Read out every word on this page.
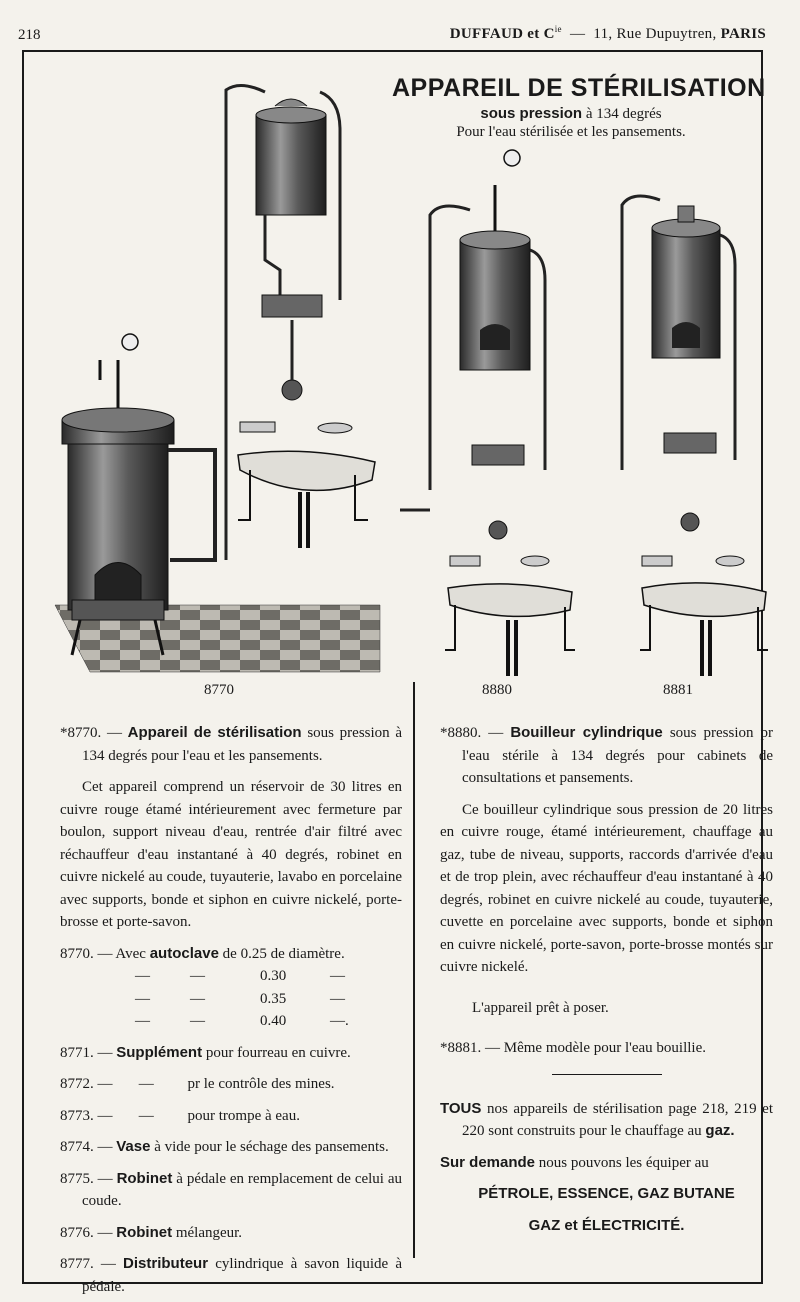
218	DUFFAUD et $C^{ie}$  —  11, Rue Dupuytren, PARIS
APPAREIL DE STÉRILISATION
sous pression à 134 degrés
Pour l'eau stérilisée et les pansements.
8770	8880	8881

*8770. — Appareil de stérilisation sous pression à 134 degrés pour l'eau et les pansements.

Cet appareil comprend un réservoir de 30 litres en cuivre rouge étamé intérieurement avec fermeture par boulon, support niveau d'eau, rentrée d'air filtré avec réchauffeur d'eau instantané à 40 degrés, robinet en cuivre nickelé au coude, tuyauterie, lavabo en porcelaine avec supports, bonde et siphon en cuivre nickelé, porte-brosse et porte-savon.

8770. — Avec autoclave de 0.25 de diamètre.

—	—	0.30	—
—	—	0.35	—
—	—	0.40	—.

8771. — Supplément pour fourreau en cuivre.

8772. — — pr le contrôle des mines.

8773. — — pour trompe à eau.

8774. — Vase à vide pour le séchage des pansements.

8775. — Robinet à pédale en remplacement de celui au coude.

8776. — Robinet mélangeur.

8777. — Distributeur cylindrique à savon liquide à pédale.

*8880. — Bouilleur cylindrique sous pression pr l'eau stérile à 134 degrés pour cabinets de consultations et pansements.

Ce bouilleur cylindrique sous pression de 20 litres en cuivre rouge, étamé intérieurement, chauffage au gaz, tube de niveau, supports, raccords d'arrivée d'eau et de trop plein, avec réchauffeur d'eau instantané à 40 degrés, robinet en cuivre nickelé au coude, tuyauterie, cuvette en porcelaine avec supports, bonde et siphon en cuivre nickelé, porte-savon, porte-brosse montés sur cuivre nickelé.

L'appareil prêt à poser.

*8881. — Même modèle pour l'eau bouillie.

TOUS nos appareils de stérilisation page 218, 219 et 220 sont construits pour le chauffage au gaz.

Sur demande nous pouvons les équiper au

PÉTROLE, ESSENCE, GAZ BUTANE

GAZ et ÉLECTRICITÉ.
